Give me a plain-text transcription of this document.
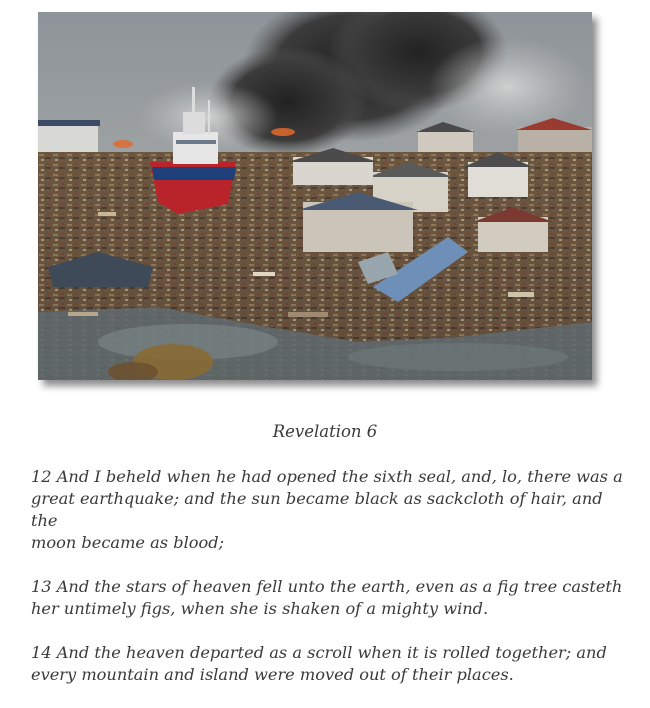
Revelation 6

12 And I beheld when he had opened the sixth seal, and, lo, there was a
great earthquake; and the sun became black as sackcloth of hair, and the
moon became as blood;

13 And the stars of heaven fell unto the earth, even as a fig tree casteth
her untimely figs, when she is shaken of a mighty wind.

14 And the heaven departed as a scroll when it is rolled together; and
every mountain and island were moved out of their places.
